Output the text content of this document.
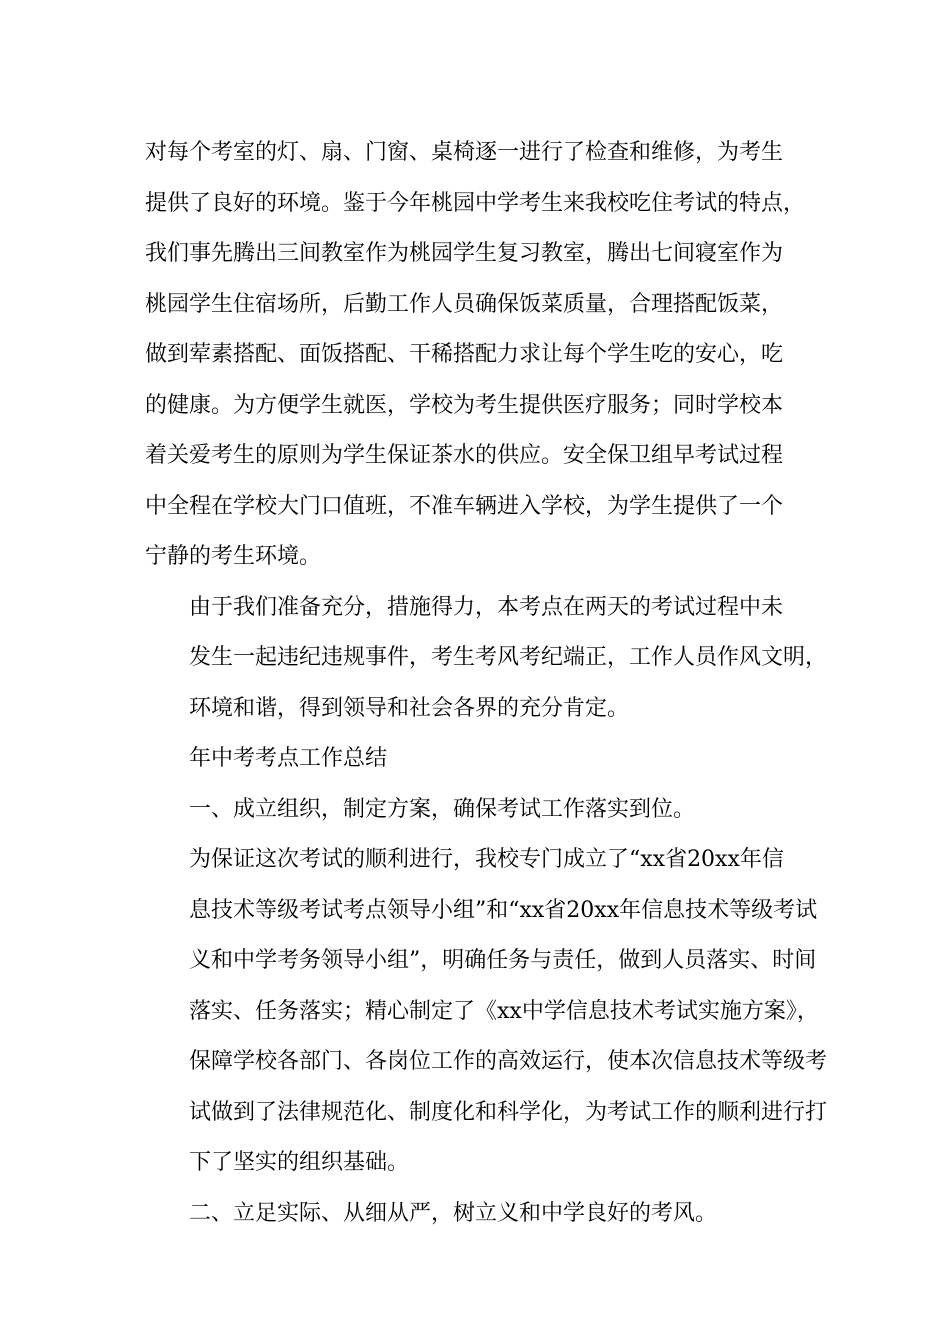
对每个考室的灯、扇、门窗、桌椅逐一进行了检查和维修，为考生
提供了良好的环境。鉴于今年桃园中学考生来我校吃住考试的特点，
我们事先腾出三间教室作为桃园学生复习教室，腾出七间寝室作为
桃园学生住宿场所，后勤工作人员确保饭菜质量，合理搭配饭菜，
做到荤素搭配、面饭搭配、干稀搭配力求让每个学生吃的安心，吃
的健康。为方便学生就医，学校为考生提供医疗服务；同时学校本
着关爱考生的原则为学生保证茶水的供应。安全保卫组早考试过程
中全程在学校大门口值班，不准车辆进入学校，为学生提供了一个
宁静的考生环境。

由于我们准备充分，措施得力，本考点在两天的考试过程中未
发生一起违纪违规事件，考生考风考纪端正，工作人员作风文明，
环境和谐，得到领导和社会各界的充分肯定。

年中考考点工作总结

一、成立组织，制定方案，确保考试工作落实到位。

为保证这次考试的顺利进行，我校专门成立了“xx省20xx年信
息技术等级考试考点领导小组”和“xx省20xx年信息技术等级考试
义和中学考务领导小组”，明确任务与责任，做到人员落实、时间
落实、任务落实；精心制定了《xx中学信息技术考试实施方案》，
保障学校各部门、各岗位工作的高效运行，使本次信息技术等级考
试做到了法律规范化、制度化和科学化，为考试工作的顺利进行打
下了坚实的组织基础。

二、立足实际、从细从严，树立义和中学良好的考风。
